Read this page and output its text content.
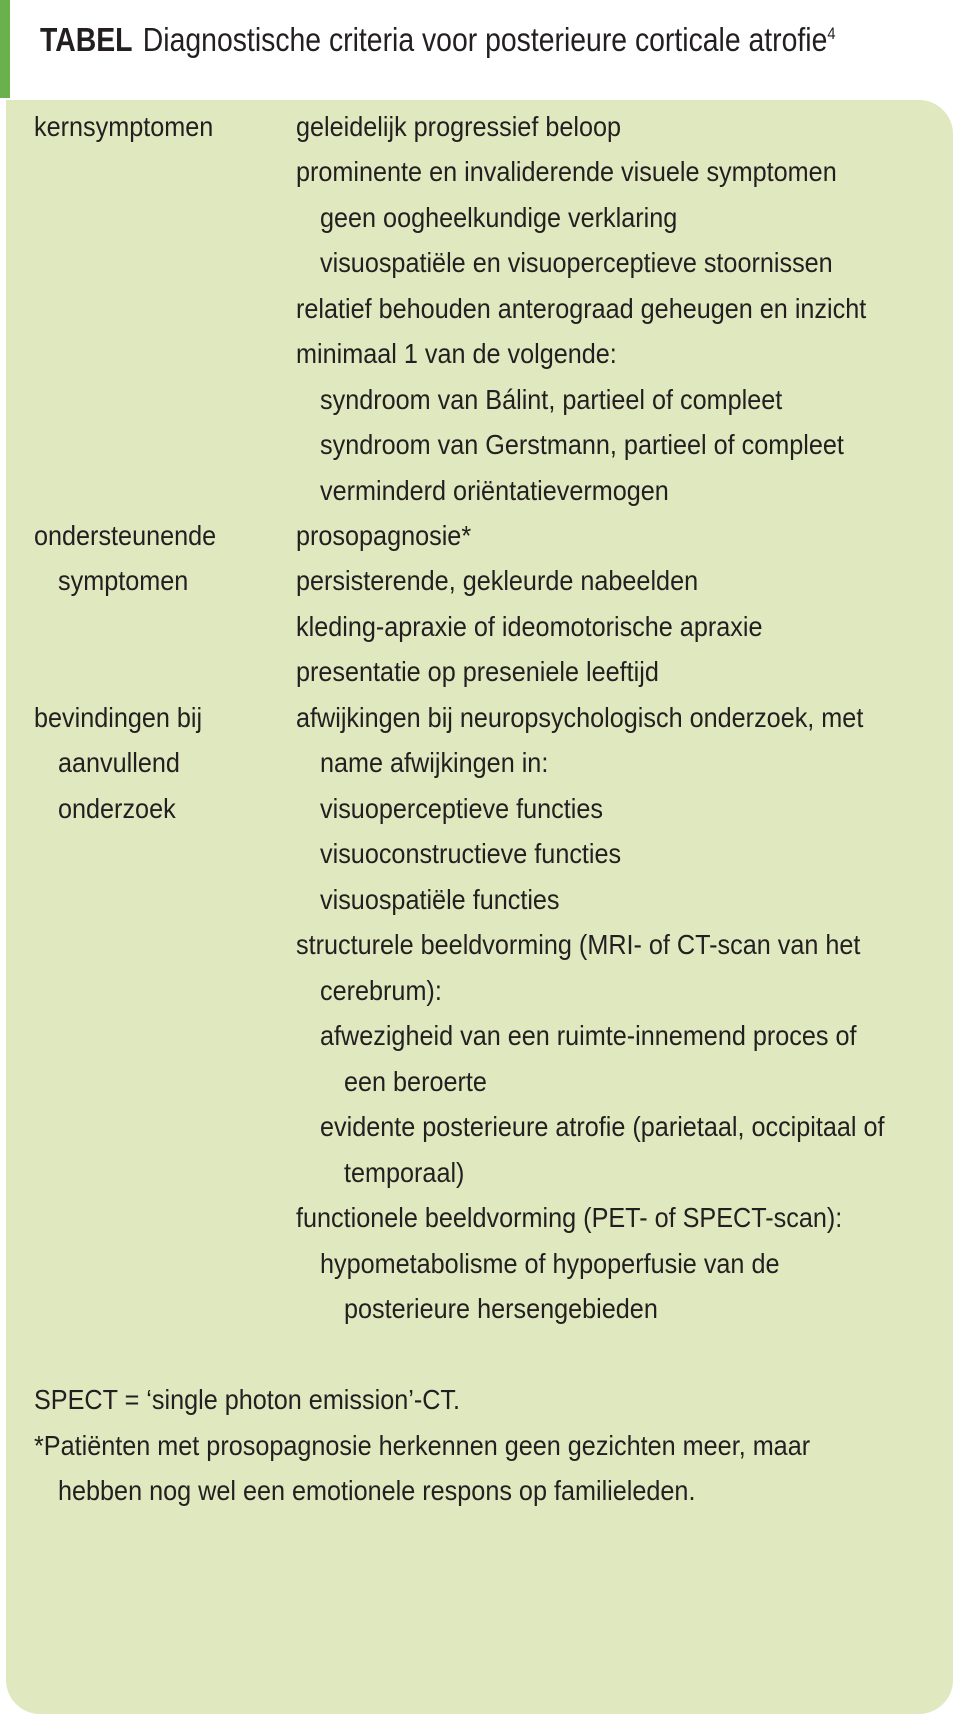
TABEL Diagnostische criteria voor posterieure corticale atrofie$^4$
kernsymptomen
ondersteunende
symptomen
bevindingen bij
aanvullend
onderzoek
geleidelijk progressief beloop
prominente en invaliderende visuele symptomen
geen oogheelkundige verklaring
visuospatiële en visuoperceptieve stoornissen
relatief behouden anterograad geheugen en inzicht
minimaal 1 van de volgende:
syndroom van Bálint, partieel of compleet
syndroom van Gerstmann, partieel of compleet
verminderd oriëntatievermogen
prosopagnosie*
persisterende, gekleurde nabeelden
kleding-apraxie of ideomotorische apraxie
presentatie op preseniele leeftijd
afwijkingen bij neuropsychologisch onderzoek, met
name afwijkingen in:
visuoperceptieve functies
visuoconstructieve functies
visuospatiële functies
structurele beeldvorming (MRI- of CT-scan van het
cerebrum):
afwezigheid van een ruimte-innemend proces of
een beroerte
evidente posterieure atrofie (parietaal, occipitaal of
temporaal)
functionele beeldvorming (PET- of SPECT-scan):
hypometabolisme of hypoperfusie van de
posterieure hersengebieden
SPECT = ‘single photon emission’-CT.
*Patiënten met prosopagnosie herkennen geen gezichten meer, maar
hebben nog wel een emotionele respons op familieleden.
